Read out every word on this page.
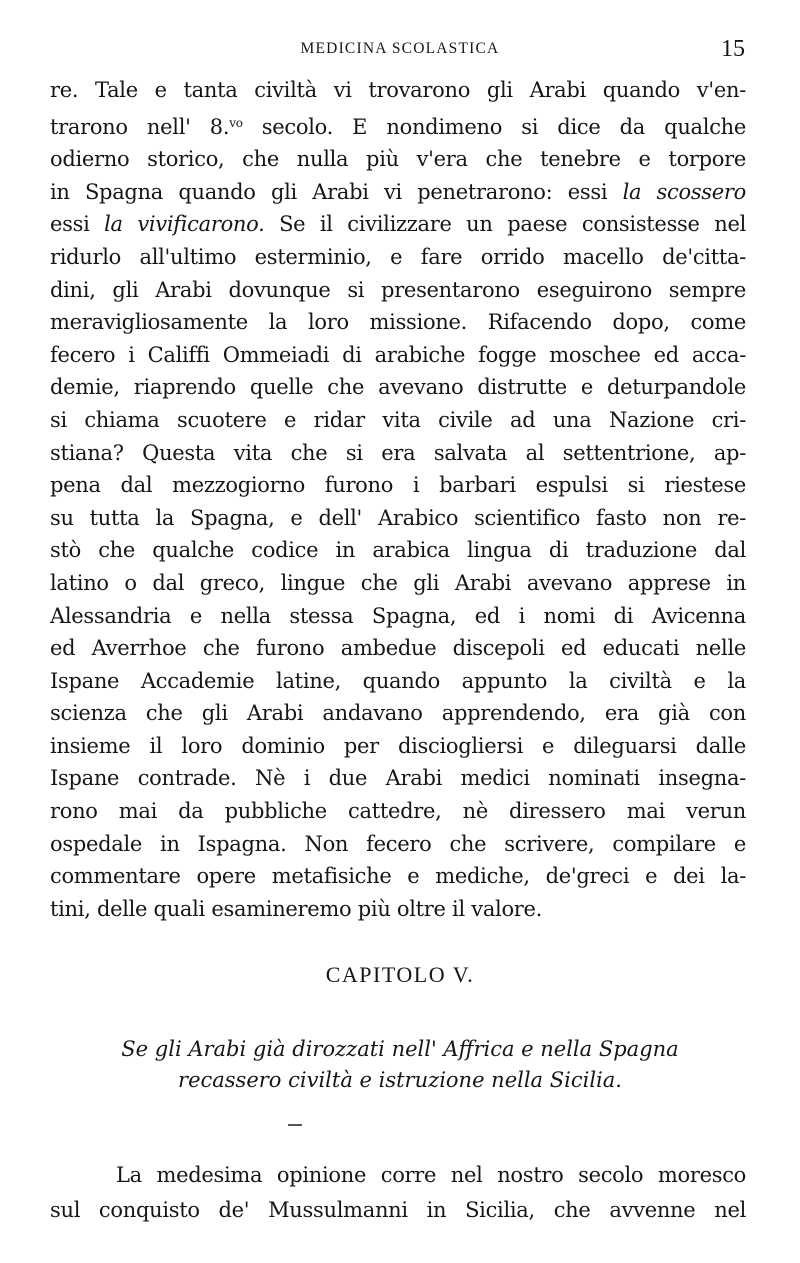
MEDICINA SCOLASTICA	15
re. Tale e tanta civiltà vi trovarono gli Arabi quando v'en-
trarono nell' 8.$^{vo}$ secolo. E nondimeno si dice da qualche
odierno storico, che nulla più v'era che tenebre e torpore
in Spagna quando gli Arabi vi penetrarono: essi la scossero
essi la vivificarono. Se il civilizzare un paese consistesse nel
ridurlo all'ultimo esterminio, e fare orrido macello de'citta-
dini, gli Arabi dovunque si presentarono eseguirono sempre
meravigliosamente la loro missione. Rifacendo dopo, come
fecero i Califfi Ommeiadi di arabiche fogge moschee ed acca-
demie, riaprendo quelle che avevano distrutte e deturpandole
si chiama scuotere e ridar vita civile ad una Nazione cri-
stiana? Questa vita che si era salvata al settentrione, ap-
pena dal mezzogiorno furono i barbari espulsi si riestese
su tutta la Spagna, e dell' Arabico scientifico fasto non re-
stò che qualche codice in arabica lingua di traduzione dal
latino o dal greco, lingue che gli Arabi avevano apprese in
Alessandria e nella stessa Spagna, ed i nomi di Avicenna
ed Averrhoe che furono ambedue discepoli ed educati nelle
Ispane Accademie latine, quando appunto la civiltà e la
scienza che gli Arabi andavano apprendendo, era già con
insieme il loro dominio per disciogliersi e dileguarsi dalle
Ispane contrade. Nè i due Arabi medici nominati insegna-
rono mai da pubbliche cattedre, nè diressero mai verun
ospedale in Ispagna. Non fecero che scrivere, compilare e
commentare opere metafisiche e mediche, de'greci e dei la-
tini, delle quali esamineremo più oltre il valore.
CAPITOLO V.
Se gli Arabi già dirozzati nell' Affrica e nella Spagna
recassero civiltà e istruzione nella Sicilia.
La medesima opinione corre nel nostro secolo moresco
sul conquisto de' Mussulmanni in Sicilia, che avvenne nel
